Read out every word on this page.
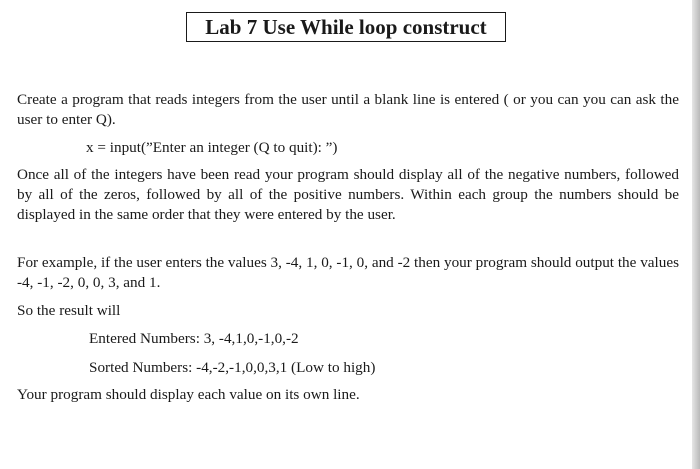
Lab 7 Use While loop construct

Create a program that reads integers from the user until a blank line is entered ( or you can you can ask the user to enter Q).

x = input(”Enter an integer (Q to quit): ”)

Once all of the integers have been read your program should display all of the negative numbers, followed by all of the zeros, followed by all of the positive numbers. Within each group the numbers should be displayed in the same order that they were entered by the user.

For example, if the user enters the values 3, -4, 1, 0, -1, 0, and -2 then your program should output the values -4, -1, -2, 0, 0, 3, and 1.

So the result will

Entered Numbers: 3, -4,1,0,-1,0,-2

Sorted Numbers: -4,-2,-1,0,0,3,1 (Low to high)

Your program should display each value on its own line.
